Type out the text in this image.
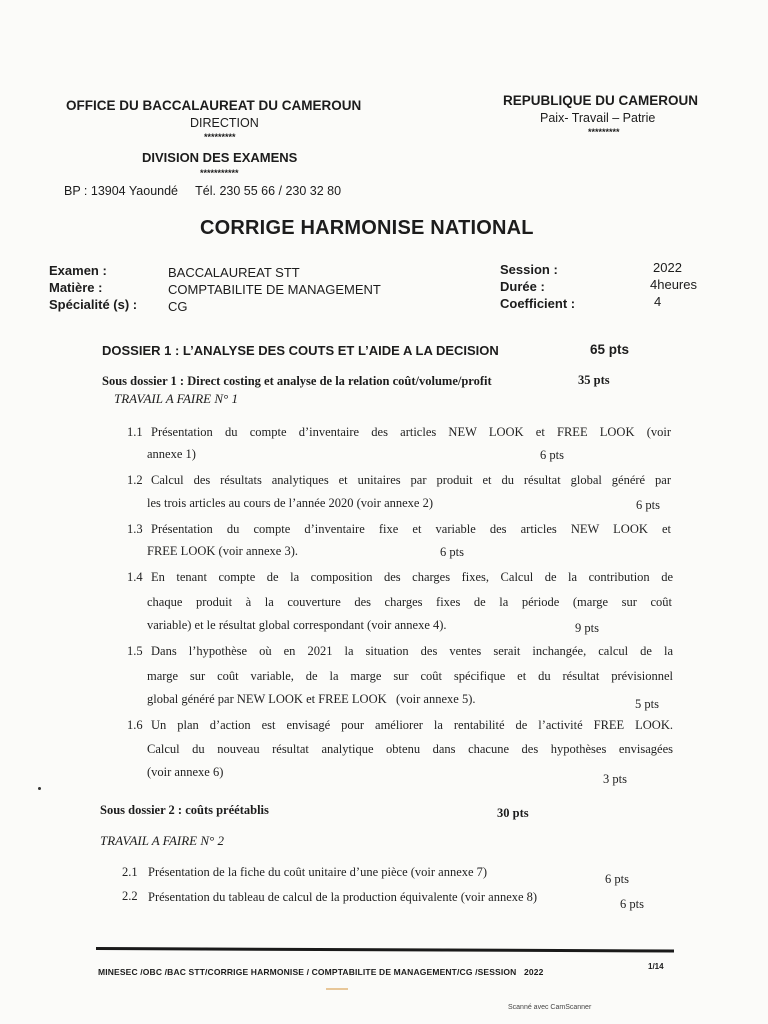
OFFICE DU BACCALAUREAT DU CAMEROUN
DIRECTION
*********
DIVISION DES EXAMENS
***********
BP : 13904 Yaoundé     Tél. 230 55 66 / 230 32 80
REPUBLIQUE DU CAMEROUN
Paix- Travail – Patrie
*********
CORRIGE HARMONISE NATIONAL
Examen :	BACCALAUREAT STT
Matière :	COMPTABILITE DE MANAGEMENT
Spécialité (s) : CG
Session :	2022
Durée :	4heures
Coefficient :	4
DOSSIER 1 : L’ANALYSE DES COUTS ET L’AIDE A LA DECISION	65 pts
Sous dossier 1 : Direct costing et analyse de la relation coût/volume/profit	35 pts
TRAVAIL A FAIRE N° 1
1.1 Présentation du compte d’inventaire des articles NEW LOOK et FREE LOOK (voir
annexe 1)	6 pts
1.2 Calcul des résultats analytiques et unitaires par produit et du résultat global généré par
les trois articles au cours de l’année 2020 (voir annexe 2)	6 pts
1.3 Présentation du compte d’inventaire fixe et variable des articles NEW LOOK et
FREE LOOK (voir annexe 3).	6 pts
1.4 En tenant compte de la composition des charges fixes, Calcul de la contribution de
chaque produit à la couverture des charges fixes de la période (marge sur coût
variable) et le résultat global correspondant (voir annexe 4).	9 pts
1.5 Dans l’hypothèse où en 2021 la situation des ventes serait inchangée, calcul de la
marge sur coût variable, de la marge sur coût spécifique et du résultat prévisionnel
global généré par NEW LOOK et FREE LOOK   (voir annexe 5).	5 pts
1.6 Un plan d’action est envisagé pour améliorer la rentabilité de l’activité FREE LOOK.
Calcul du nouveau résultat analytique obtenu dans chacune des hypothèses envisagées
(voir annexe 6)	3 pts
Sous dossier 2 : coûts préétablis	30 pts
TRAVAIL A FAIRE N° 2
2.1 Présentation de la fiche du coût unitaire d’une pièce (voir annexe 7)	6 pts
2.2 Présentation du tableau de calcul de la production équivalente (voir annexe 8)	6 pts
MINESEC /OBC /BAC STT/CORRIGE HARMONISE / COMPTABILITE DE MANAGEMENT/CG /SESSION   2022
1/14
Scanné avec CamScanner
